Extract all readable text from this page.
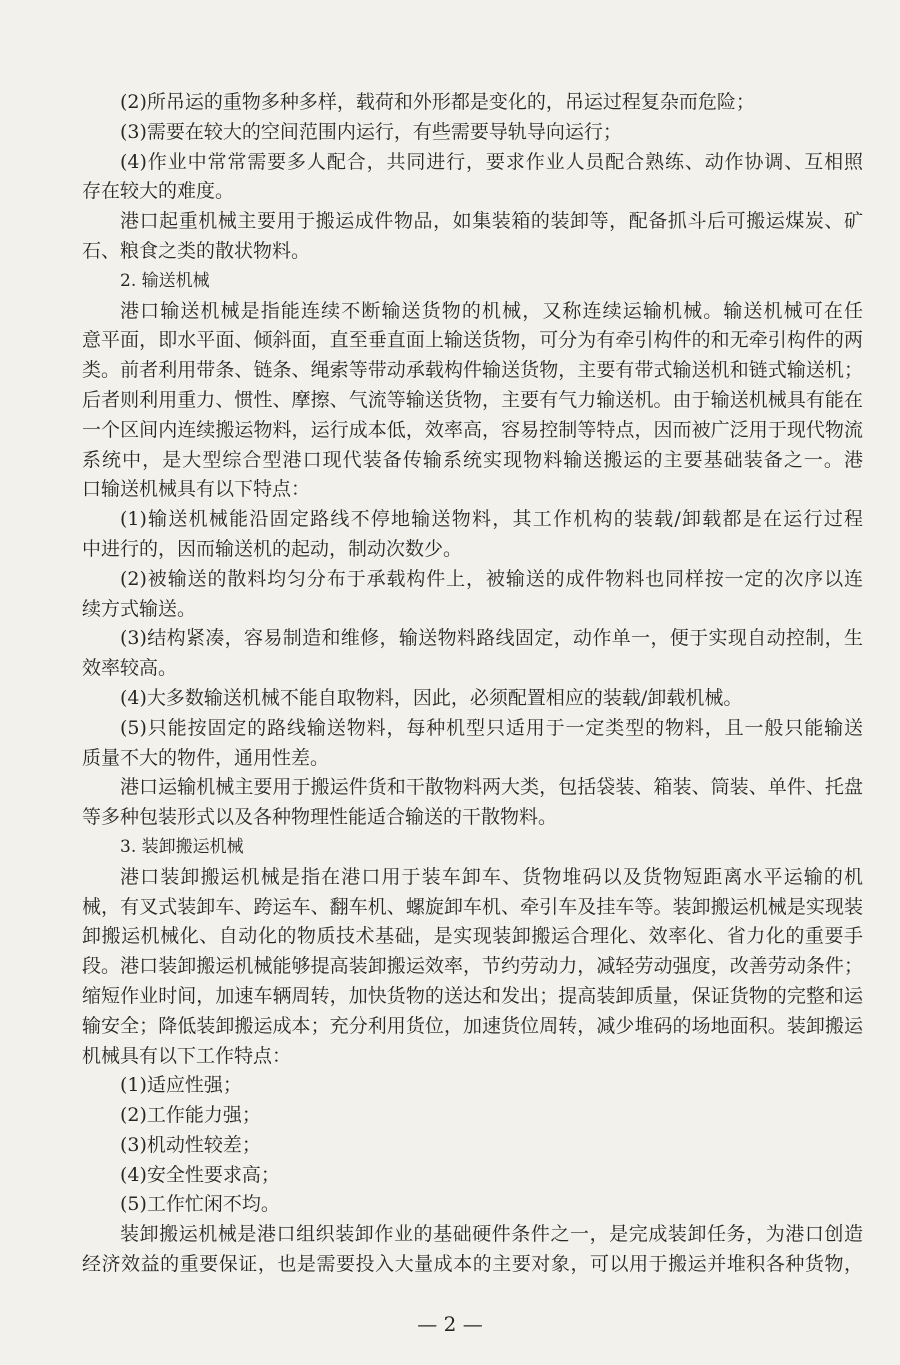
(2)所吊运的重物多种多样，载荷和外形都是变化的，吊运过程复杂而危险；
(3)需要在较大的空间范围内运行，有些需要导轨导向运行；
(4)作业中常常需要多人配合，共同进行，要求作业人员配合熟练、动作协调、互相照
存在较大的难度。
港口起重机械主要用于搬运成件物品，如集装箱的装卸等，配备抓斗后可搬运煤炭、矿
石、粮食之类的散状物料。
2. 输送机械
港口输送机械是指能连续不断输送货物的机械，又称连续运输机械。输送机械可在任
意平面，即水平面、倾斜面，直至垂直面上输送货物，可分为有牵引构件的和无牵引构件的两
类。前者利用带条、链条、绳索等带动承载构件输送货物，主要有带式输送机和链式输送机；
后者则利用重力、惯性、摩擦、气流等输送货物，主要有气力输送机。由于输送机械具有能在
一个区间内连续搬运物料，运行成本低，效率高，容易控制等特点，因而被广泛用于现代物流
系统中，是大型综合型港口现代装备传输系统实现物料输送搬运的主要基础装备之一。港
口输送机械具有以下特点：
(1)输送机械能沿固定路线不停地输送物料，其工作机构的装载/卸载都是在运行过程
中进行的，因而输送机的起动，制动次数少。
(2)被输送的散料均匀分布于承载构件上，被输送的成件物料也同样按一定的次序以连
续方式输送。
(3)结构紧凑，容易制造和维修，输送物料路线固定，动作单一，便于实现自动控制，生
效率较高。
(4)大多数输送机械不能自取物料，因此，必须配置相应的装载/卸载机械。
(5)只能按固定的路线输送物料，每种机型只适用于一定类型的物料，且一般只能输送
质量不大的物件，通用性差。
港口运输机械主要用于搬运件货和干散物料两大类，包括袋装、箱装、筒装、单件、托盘
等多种包装形式以及各种物理性能适合输送的干散物料。
3. 装卸搬运机械
港口装卸搬运机械是指在港口用于装车卸车、货物堆码以及货物短距离水平运输的机
械，有叉式装卸车、跨运车、翻车机、螺旋卸车机、牵引车及挂车等。装卸搬运机械是实现装
卸搬运机械化、自动化的物质技术基础，是实现装卸搬运合理化、效率化、省力化的重要手
段。港口装卸搬运机械能够提高装卸搬运效率，节约劳动力，减轻劳动强度，改善劳动条件；
缩短作业时间，加速车辆周转，加快货物的送达和发出；提高装卸质量，保证货物的完整和运
输安全；降低装卸搬运成本；充分利用货位，加速货位周转，减少堆码的场地面积。装卸搬运
机械具有以下工作特点：
(1)适应性强；
(2)工作能力强；
(3)机动性较差；
(4)安全性要求高；
(5)工作忙闲不均。
装卸搬运机械是港口组织装卸作业的基础硬件条件之一，是完成装卸任务，为港口创造
经济效益的重要保证，也是需要投入大量成本的主要对象，可以用于搬运并堆积各种货物，
— 2 —
